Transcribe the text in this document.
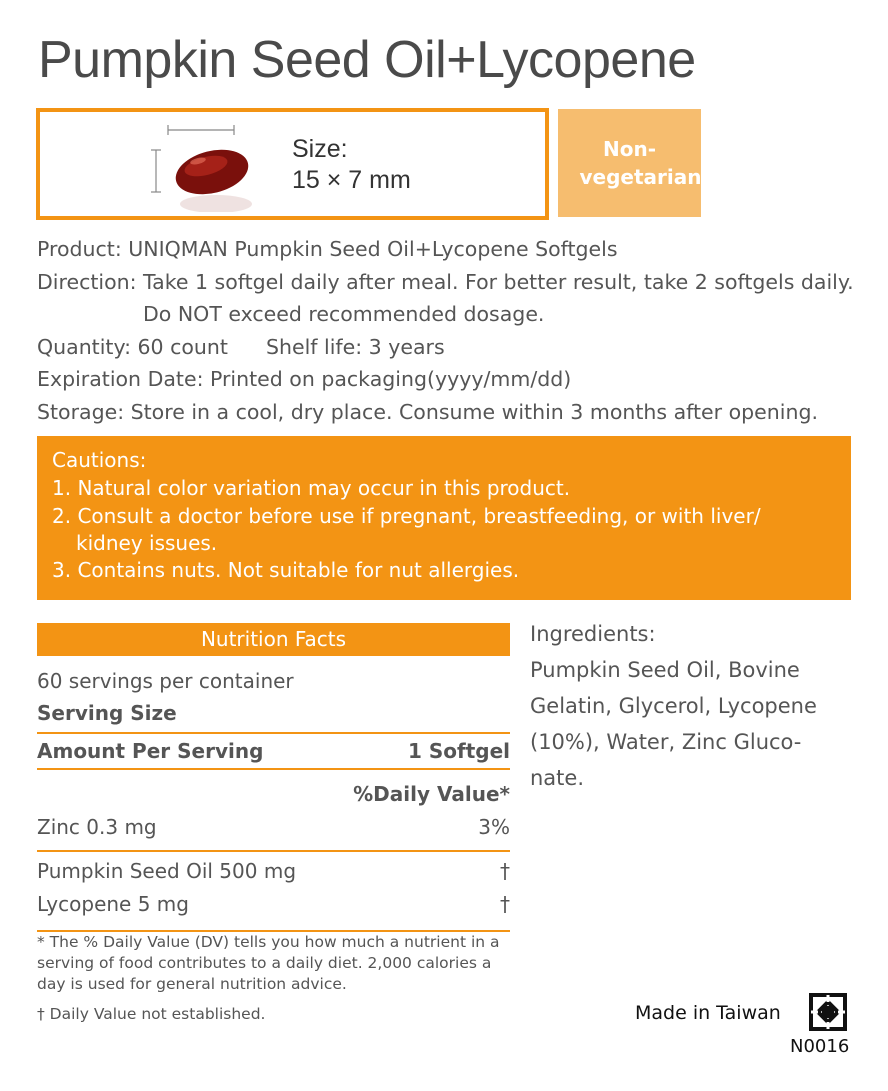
Pumpkin Seed Oil+Lycopene
Size:
15 × 7 mm
Non-vegetarian
Product: UNIQMAN Pumpkin Seed Oil+Lycopene Softgels
Direction: Take 1 softgel daily after meal. For better result, take 2 softgels daily.
Do NOT exceed recommended dosage.
Quantity: 60 count Shelf life: 3 years
Expiration Date: Printed on packaging(yyyy/mm/dd)
Storage: Store in a cool, dry place. Consume within 3 months after opening.
Cautions:
1. Natural color variation may occur in this product.
2. Consult a doctor before use if pregnant, breastfeeding, or with liver/
kidney issues.
3. Contains nuts. Not suitable for nut allergies.
Nutrition Facts
60 servings per container
Serving Size
Amount Per Serving	1 Softgel
%Daily Value*
Zinc 0.3 mg	3%
Pumpkin Seed Oil 500 mg	†
Lycopene 5 mg	†
* The % Daily Value (DV) tells you how much a nutrient in a serving of food contributes to a daily diet. 2,000 calories a day is used for general nutrition advice.
† Daily Value not established.
Ingredients:
Pumpkin Seed Oil, Bovine Gelatin, Glycerol, Lycopene (10%), Water, Zinc Gluco-nate.
Made in Taiwan
N0016
